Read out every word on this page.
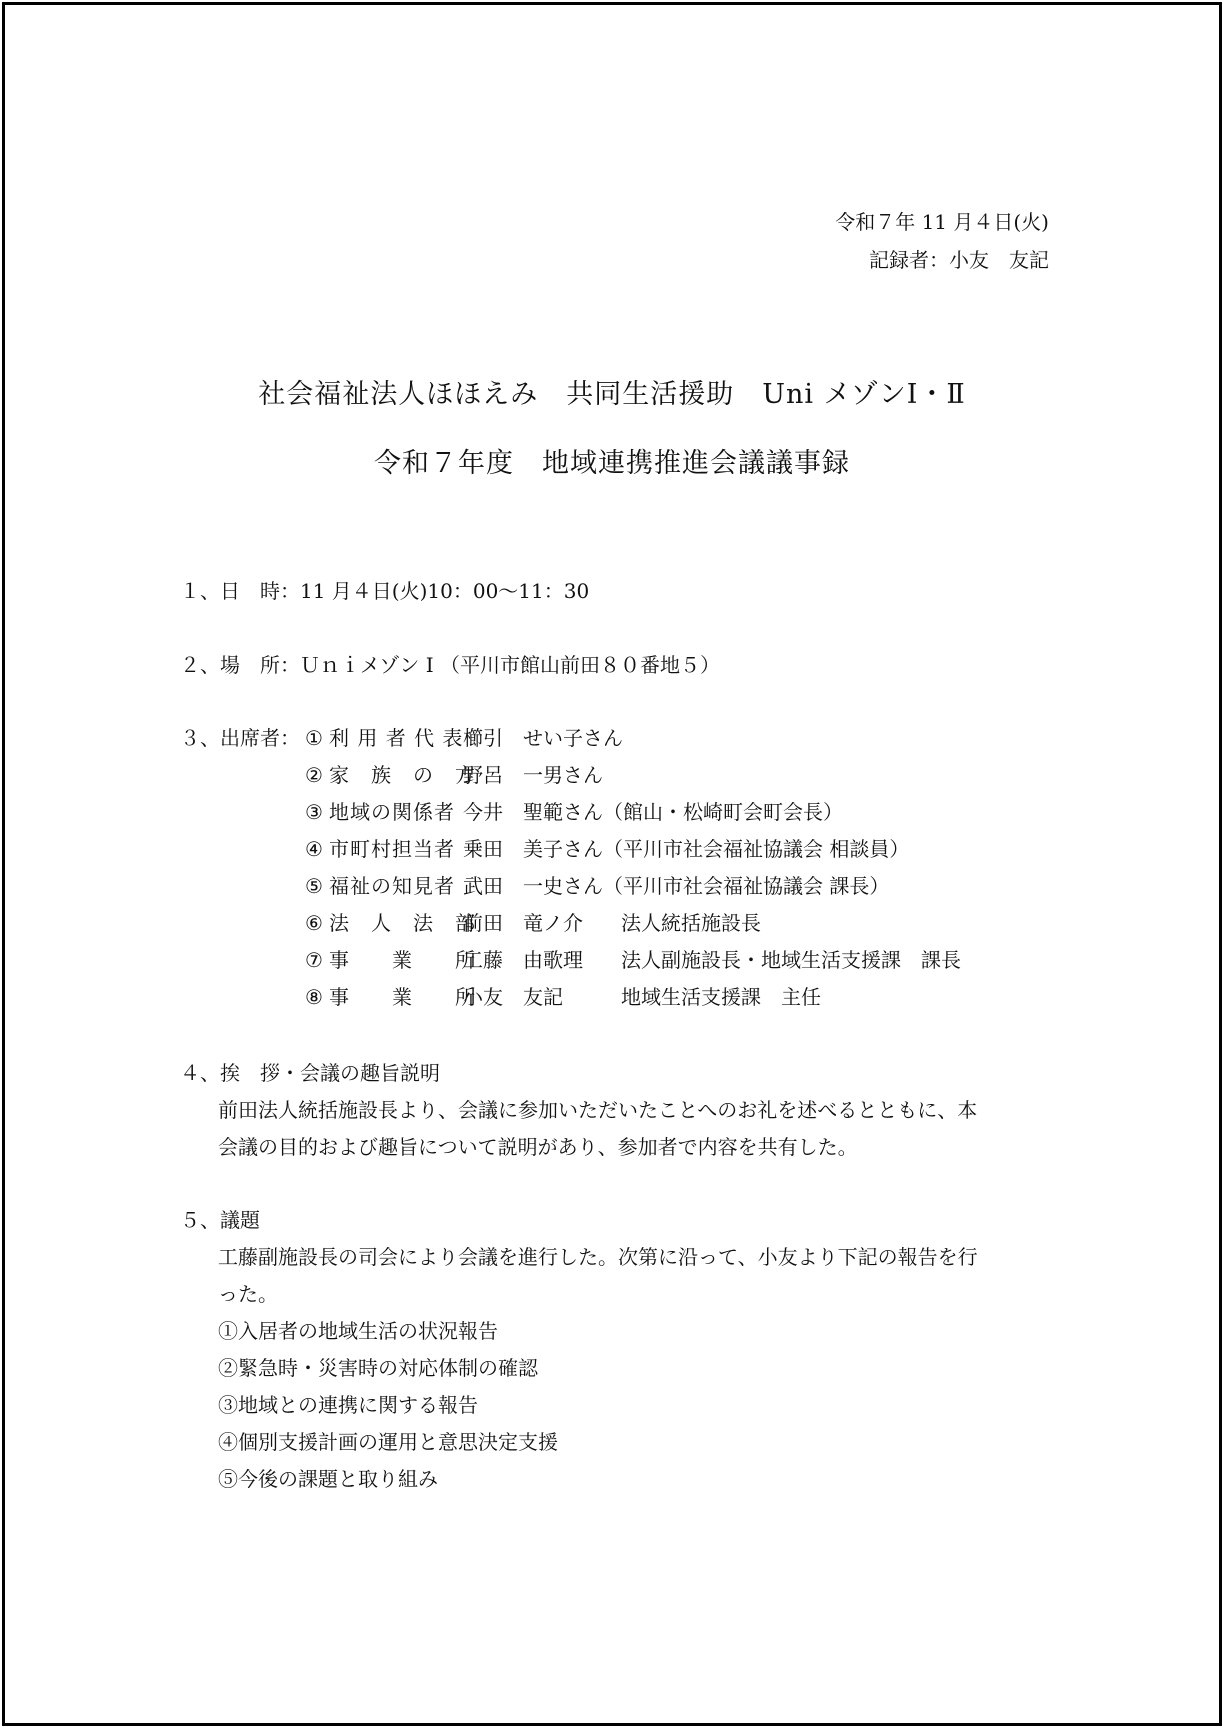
令和７年 11 月４日(火)
記録者：小友　友記
社会福祉法人ほほえみ　共同生活援助　Uni メゾンⅠ・Ⅱ
令和７年度　地域連携推進会議議事録
１、日　時：11 月４日(火)10：00～11：30
２、場　所：Ｕｎｉメゾン I （平川市館山前田８０番地５）
３、出席者： ① 利 用 者 代 表櫛引　せい子さん
② 家　族　の　方野呂　一男さん
③ 地域の関係者 今井　聖範さん（館山・松崎町会町会長）
④ 市町村担当者 乗田　美子さん（平川市社会福祉協議会 相談員）
⑤ 福祉の知見者 武田　一史さん（平川市社会福祉協議会 課長）
⑥ 法　人　法　部前田　竜ノ介 法人統括施設長
⑦ 事　　業　　所工藤　由歌理 法人副施設長・地域生活支援課　課長
⑧ 事　　業　　所小友　友記	地域生活支援課　主任
４、挨　拶・会議の趣旨説明
前田法人統括施設長より、会議に参加いただいたことへのお礼を述べるとともに、本
会議の目的および趣旨について説明があり、参加者で内容を共有した。
５、議題
工藤副施設長の司会により会議を進行した。次第に沿って、小友より下記の報告を行
った。
①入居者の地域生活の状況報告
②緊急時・災害時の対応体制の確認
③地域との連携に関する報告
④個別支援計画の運用と意思決定支援
⑤今後の課題と取り組み
